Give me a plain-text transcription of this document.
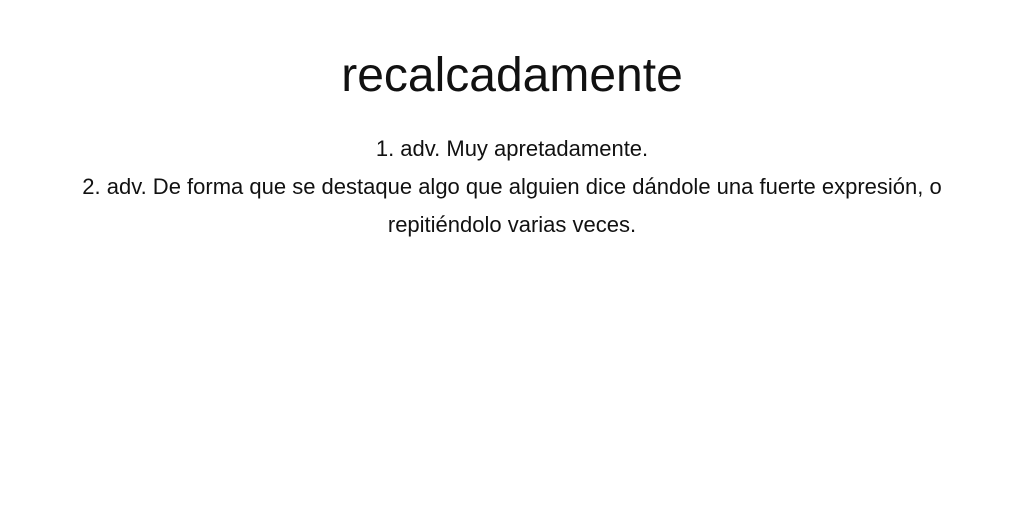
recalcadamente

1. adv. Muy apretadamente.

2. adv. De forma que se destaque algo que alguien dice dándole una fuerte expresión, o repitiéndolo varias veces.
